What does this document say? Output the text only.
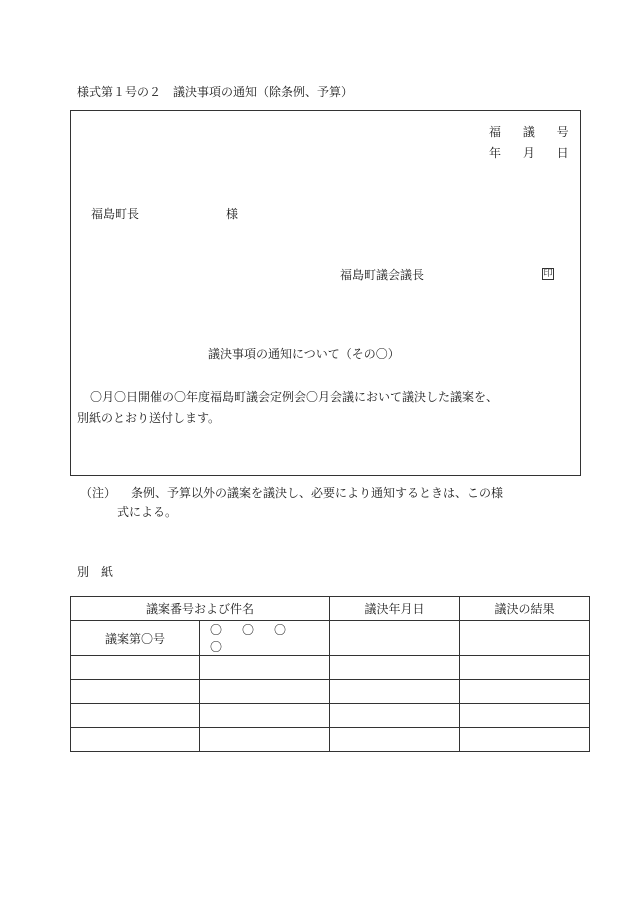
様式第１号の２　議決事項の通知（除条例、予算）
福 議 号
年 月 日
福島町長	様
福島町議会議長	印
議決事項の通知について（その〇）
〇月〇日開催の〇年度福島町議会定例会〇月会議において議決した議案を、
別紙のとおり送付します。
（注） 条例、予算以外の議案を議決し、必要により通知するときは、この様
式による。
別紙
議案番号および件名		議決年月日	議決の結果
議案第〇号	〇〇〇〇		
